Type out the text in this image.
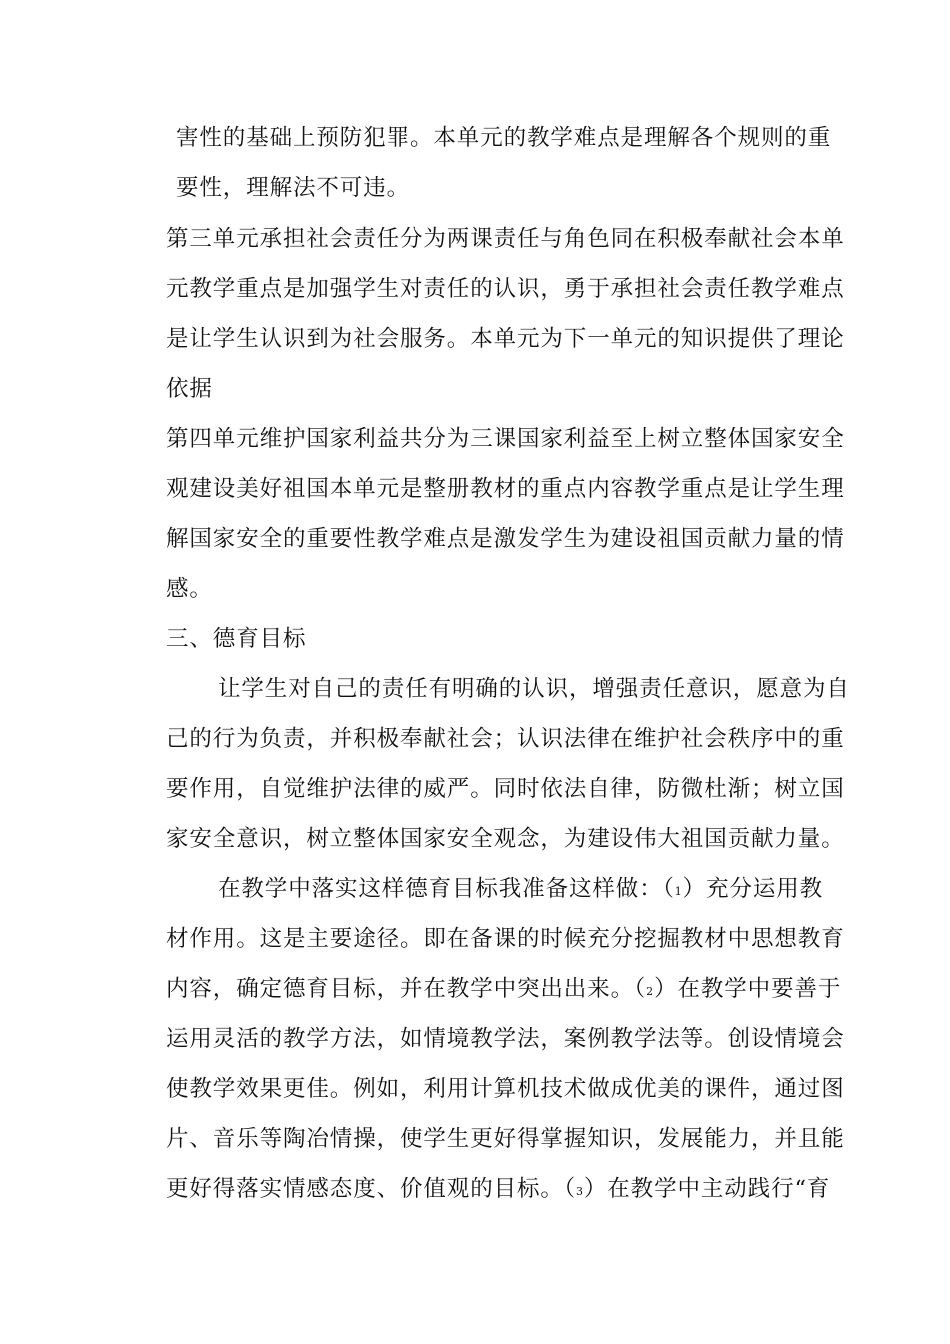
害性的基础上预防犯罪。本单元的教学难点是理解各个规则的重
要性，理解法不可违。
第三单元承担社会责任分为两课责任与角色同在积极奉献社会本单
元教学重点是加强学生对责任的认识，勇于承担社会责任教学难点
是让学生认识到为社会服务。本单元为下一单元的知识提供了理论
依据
第四单元维护国家利益共分为三课国家利益至上树立整体国家安全
观建设美好祖国本单元是整册教材的重点内容教学重点是让学生理
解国家安全的重要性教学难点是激发学生为建设祖国贡献力量的情
感。
三、德育目标
让学生对自己的责任有明确的认识，增强责任意识，愿意为自
己的行为负责，并积极奉献社会；认识法律在维护社会秩序中的重
要作用，自觉维护法律的威严。同时依法自律，防微杜渐；树立国
家安全意识，树立整体国家安全观念，为建设伟大祖国贡献力量。
在教学中落实这样德育目标我准备这样做：（1）充分运用教
材作用。这是主要途径。即在备课的时候充分挖掘教材中思想教育
内容，确定德育目标，并在教学中突出出来。（2）在教学中要善于
运用灵活的教学方法，如情境教学法，案例教学法等。创设情境会
使教学效果更佳。例如，利用计算机技术做成优美的课件，通过图
片、音乐等陶冶情操，使学生更好得掌握知识，发展能力，并且能
更好得落实情感态度、价值观的目标。（3）在教学中主动践行“育
